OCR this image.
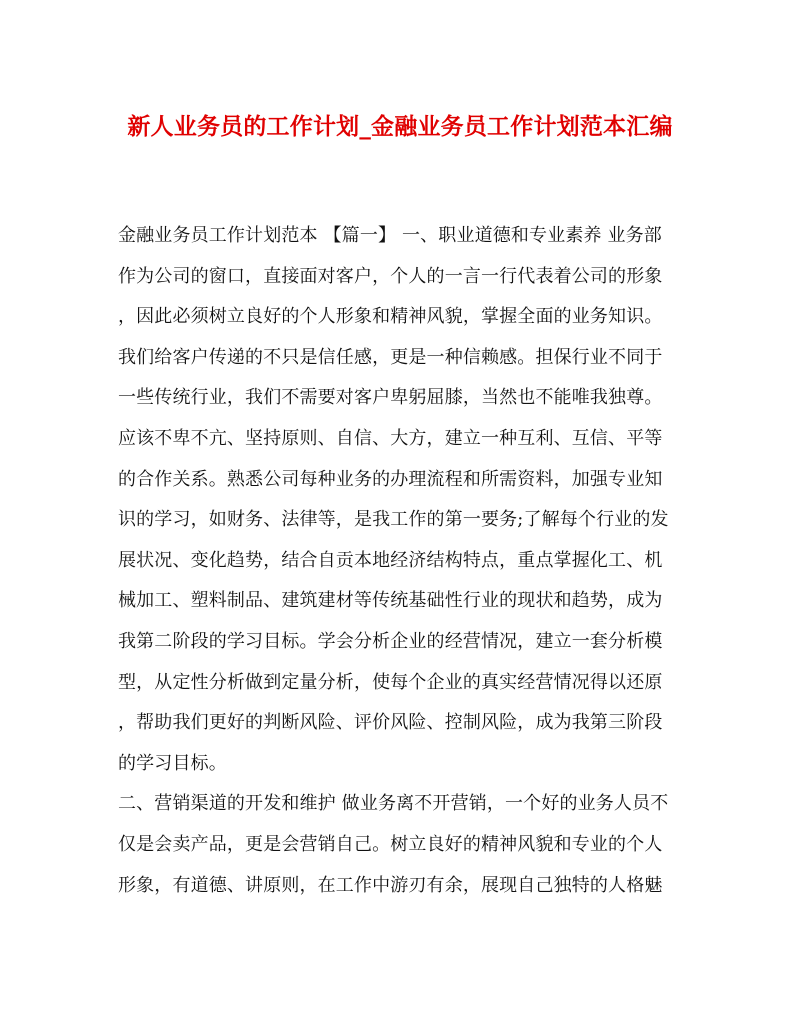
新人业务员的工作计划_金融业务员工作计划范本汇编
金融业务员工作计划范本 【篇一】 一、职业道德和专业素养 业务部
作为公司的窗口，直接面对客户，个人的一言一行代表着公司的形象
，因此必须树立良好的个人形象和精神风貌，掌握全面的业务知识。
我们给客户传递的不只是信任感，更是一种信赖感。担保行业不同于
一些传统行业，我们不需要对客户卑躬屈膝，当然也不能唯我独尊。
应该不卑不亢、坚持原则、自信、大方，建立一种互利、互信、平等
的合作关系。熟悉公司每种业务的办理流程和所需资料，加强专业知
识的学习，如财务、法律等，是我工作的第一要务;了解每个行业的发
展状况、变化趋势，结合自贡本地经济结构特点，重点掌握化工、机
械加工、塑料制品、建筑建材等传统基础性行业的现状和趋势，成为
我第二阶段的学习目标。学会分析企业的经营情况，建立一套分析模
型，从定性分析做到定量分析，使每个企业的真实经营情况得以还原
，帮助我们更好的判断风险、评价风险、控制风险，成为我第三阶段
的学习目标。
二、营销渠道的开发和维护 做业务离不开营销，一个好的业务人员不
仅是会卖产品，更是会营销自己。树立良好的精神风貌和专业的个人
形象，有道德、讲原则，在工作中游刃有余，展现自己独特的人格魅
